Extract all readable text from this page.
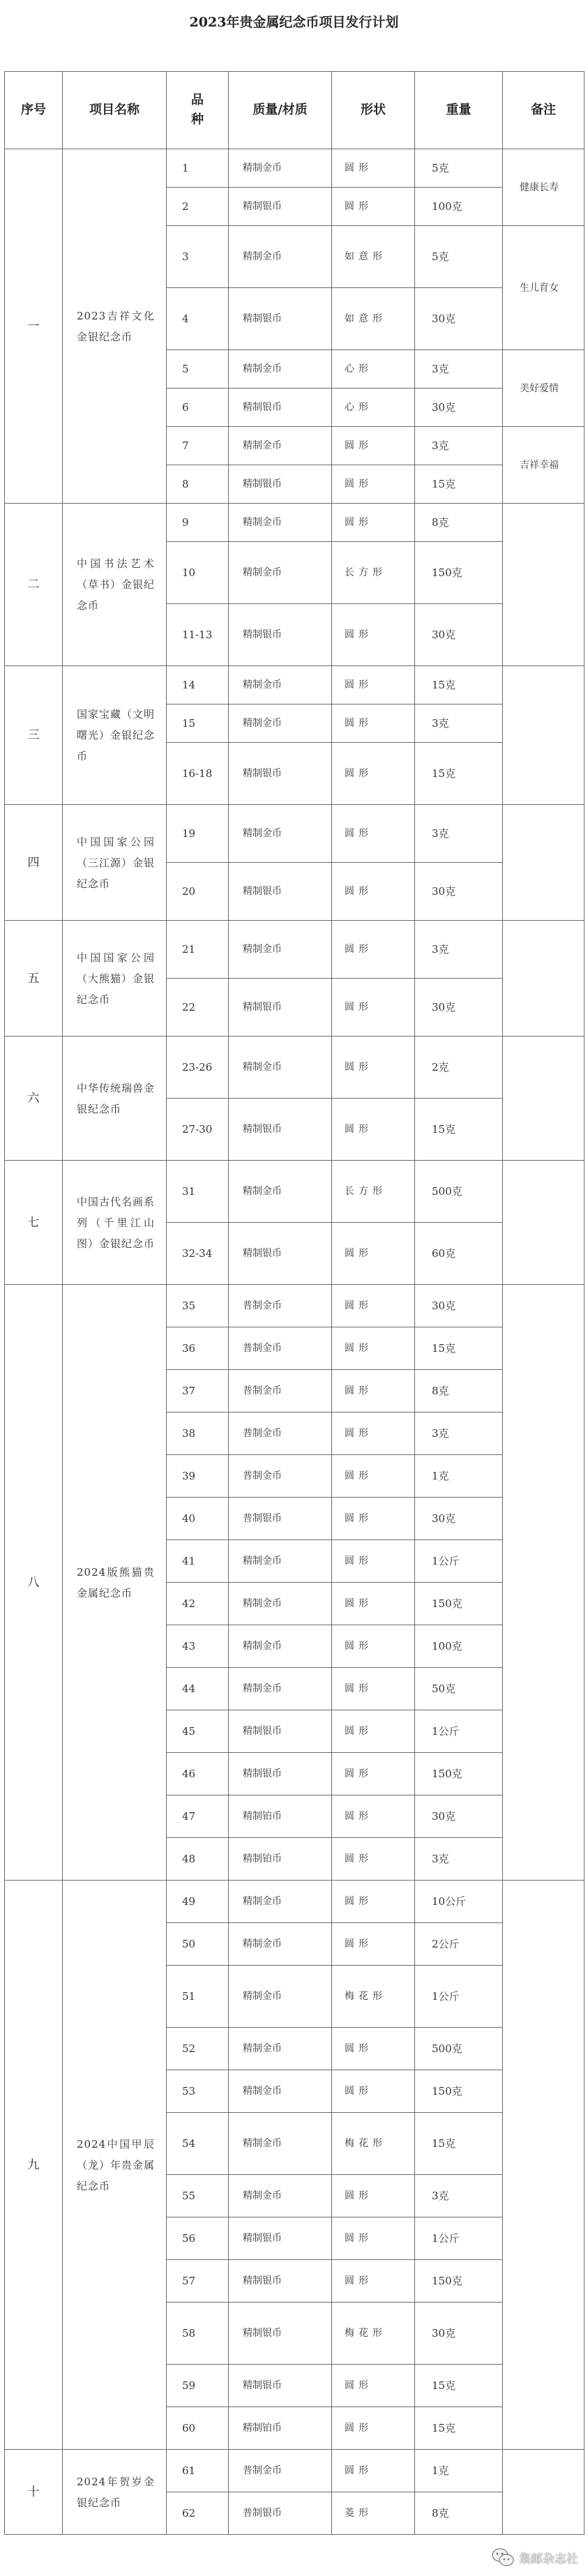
2023年贵金属纪念币项目发行计划
序号	项目名称	品种	质量/材质	形状	重量	备注
一	2023吉祥文化金银纪念币	1	精制金币	圆形	5克	健康长寿
		2	精制银币	圆形	100克	
		3	精制金币	如意形	5克	生儿育女
		4	精制银币	如意形	30克	
		5	精制金币	心形	3克	美好爱情
		6	精制银币	心形	30克	
		7	精制金币	圆形	3克	吉祥幸福
		8	精制银币	圆形	15克	
二	中国书法艺术（草书）金银纪念币	9	精制金币	圆形	8克	
		10	精制金币	长方形	150克	
		11-13	精制银币	圆形	30克	
三	国家宝藏（文明曙光）金银纪念币	14	精制金币	圆形	15克	
		15	精制金币	圆形	3克	
		16-18	精制银币	圆形	15克	
四	中国国家公园（三江源）金银纪念币	19	精制金币	圆形	3克	
		20	精制银币	圆形	30克	
五	中国国家公园（大熊猫）金银纪念币	21	精制金币	圆形	3克	
		22	精制银币	圆形	30克	
六	中华传统瑞兽金银纪念币	23-26	精制金币	圆形	2克	
		27-30	精制银币	圆形	15克	
七	中国古代名画系列（千里江山图）金银纪念币	31	精制金币	长方形	500克	
		32-34	精制银币	圆形	60克	
八	2024版熊猫贵金属纪念币	35	普制金币	圆形	30克	
		36	普制金币	圆形	15克	
		37	普制金币	圆形	8克	
		38	普制金币	圆形	3克	
		39	普制金币	圆形	1克	
		40	普制银币	圆形	30克	
		41	精制金币	圆形	1公斤	
		42	精制金币	圆形	150克	
		43	精制金币	圆形	100克	
		44	精制金币	圆形	50克	
		45	精制银币	圆形	1公斤	
		46	精制银币	圆形	150克	
		47	精制铂币	圆形	30克	
		48	精制铂币	圆形	3克	
九	2024中国甲辰（龙）年贵金属纪念币	49	精制金币	圆形	10公斤	
		50	精制金币	圆形	2公斤	
		51	精制金币	梅花形	1公斤	
		52	精制金币	圆形	500克	
		53	精制金币	圆形	150克	
		54	精制金币	梅花形	15克	
		55	精制金币	圆形	3克	
		56	精制银币	圆形	1公斤	
		57	精制银币	圆形	150克	
		58	精制银币	梅花形	30克	
		59	精制银币	圆形	15克	
		60	精制铂币	圆形	15克	
十	2024年贺岁金银纪念币	61	普制金币	圆形	1克	
		62	普制银币	菱形	8克	
集邮杂志社
